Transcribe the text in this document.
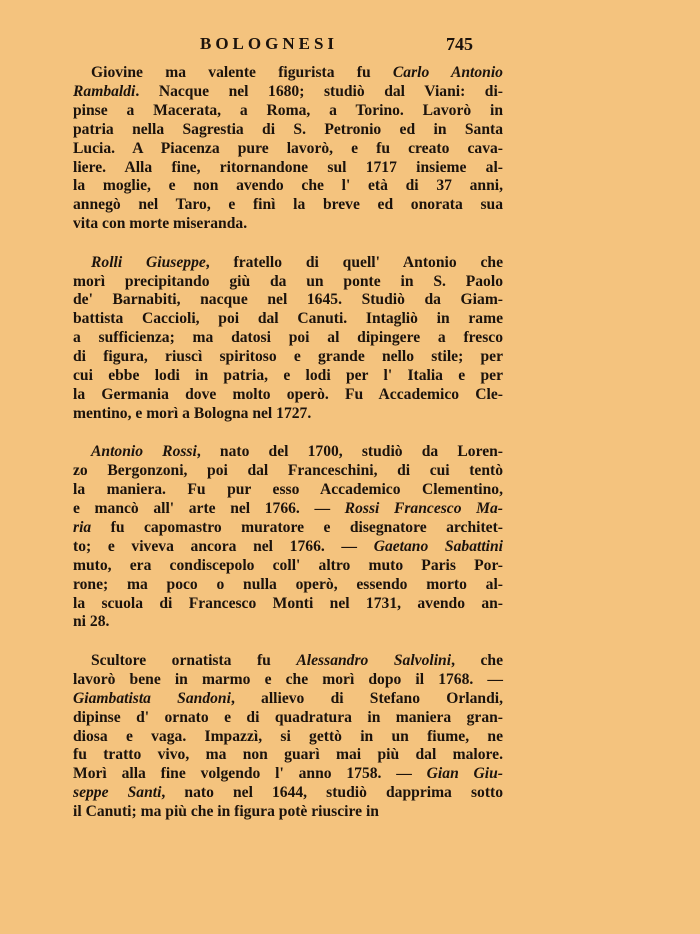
BOLOGNESI	745

Giovine ma valente figurista fu Carlo Antonio
Rambaldi. Nacque nel 1680; studiò dal Viani: di-
pinse a Macerata, a Roma, a Torino. Lavorò in
patria nella Sagrestia di S. Petronio ed in Santa
Lucia. A Piacenza pure lavorò, e fu creato cava-
liere. Alla fine, ritornandone sul 1717 insieme al-
la moglie, e non avendo che l' età di 37 anni,
annegò nel Taro, e finì la breve ed onorata sua
vita con morte miseranda.

Rolli Giuseppe, fratello di quell' Antonio che
morì precipitando giù da un ponte in S. Paolo
de' Barnabiti, nacque nel 1645. Studiò da Giam-
battista Caccioli, poi dal Canuti. Intagliò in rame
a sufficienza; ma datosi poi al dipingere a fresco
di figura, riuscì spiritoso e grande nello stile; per
cui ebbe lodi in patria, e lodi per l' Italia e per
la Germania dove molto operò. Fu Accademico Cle-
mentino, e morì a Bologna nel 1727.

Antonio Rossi, nato del 1700, studiò da Loren-
zo Bergonzoni, poi dal Franceschini, di cui tentò
la maniera. Fu pur esso Accademico Clementino,
e mancò all' arte nel 1766. — Rossi Francesco Ma-
ria fu capomastro muratore e disegnatore architet-
to; e viveva ancora nel 1766. — Gaetano Sabattini
muto, era condiscepolo coll' altro muto Paris Por-
rone; ma poco o nulla operò, essendo morto al-
la scuola di Francesco Monti nel 1731, avendo an-
ni 28.

Scultore ornatista fu Alessandro Salvolini, che
lavorò bene in marmo e che morì dopo il 1768. —
Giambatista Sandoni, allievo di Stefano Orlandi,
dipinse d' ornato e di quadratura in maniera gran-
diosa e vaga. Impazzì, si gettò in un fiume, ne
fu tratto vivo, ma non guarì mai più dal malore.
Morì alla fine volgendo l' anno 1758. — Gian Giu-
seppe Santi, nato nel 1644, studiò dapprima sotto
il Canuti; ma più che in figura potè riuscire in
